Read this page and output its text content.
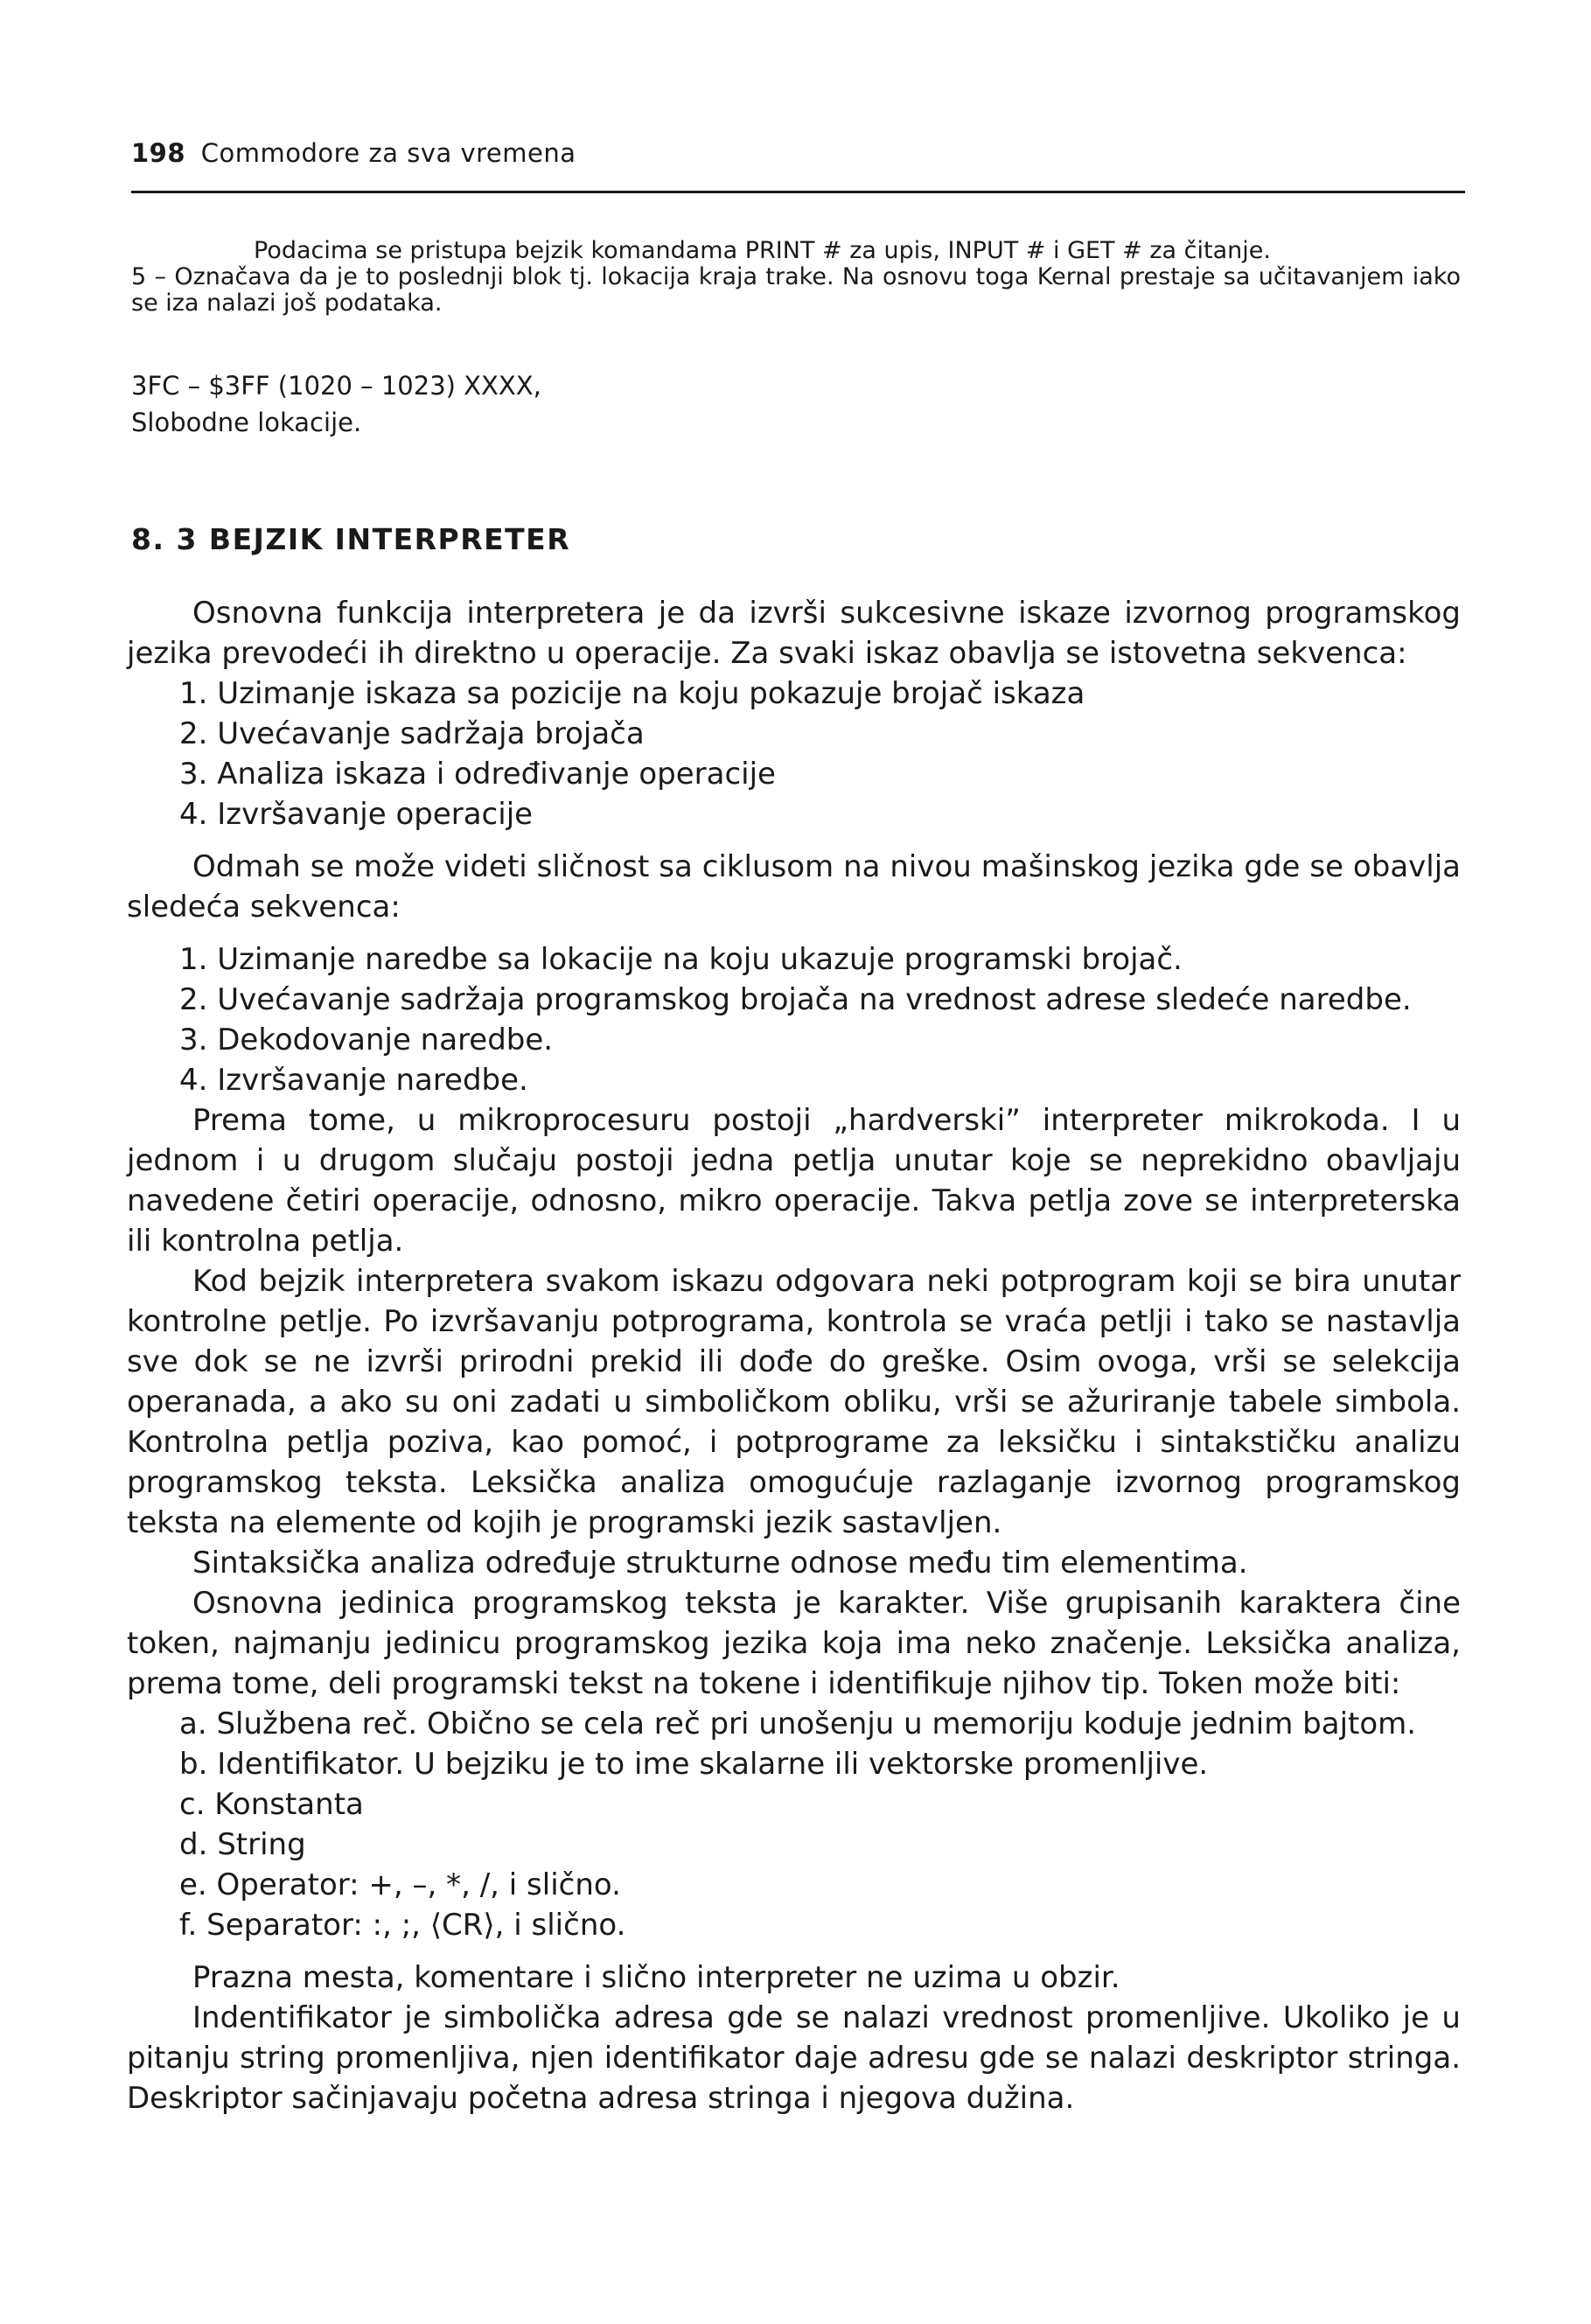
198 Commodore za sva vremena

Podacima se pristupa bejzik komandama PRINT # za upis, INPUT # i GET # za čitanje.

5 – Označava da je to poslednji blok tj. lokacija kraja trake. Na osnovu toga Kernal prestaje sa učitavanjem iako se iza nalazi još podataka.

3FC – $3FF (1020 – 1023) XXXX,

Slobodne lokacije.

8. 3 BEJZIK INTERPRETER

Osnovna funkcija interpretera je da izvrši sukcesivne iskaze izvornog programskog jezika prevodeći ih direktno u operacije. Za svaki iskaz obavlja se istovetna sekvenca:

1. Uzimanje iskaza sa pozicije na koju pokazuje brojač iskaza

2. Uvećavanje sadržaja brojača

3. Analiza iskaza i određivanje operacije

4. Izvršavanje operacije

Odmah se može videti sličnost sa ciklusom na nivou mašinskog jezika gde se obavlja sledeća sekvenca:

1. Uzimanje naredbe sa lokacije na koju ukazuje programski brojač.

2. Uvećavanje sadržaja programskog brojača na vrednost adrese sledeće naredbe.

3. Dekodovanje naredbe.

4. Izvršavanje naredbe.

Prema tome, u mikroprocesuru postoji „hardverski” interpreter mikrokoda. I u jednom i u drugom slučaju postoji jedna petlja unutar koje se neprekidno obavljaju navedene četiri operacije, odnosno, mikro operacije. Takva petlja zove se interpreterska ili kontrolna petlja.

Kod bejzik interpretera svakom iskazu odgovara neki potprogram koji se bira unutar kontrolne petlje. Po izvršavanju potprograma, kontrola se vraća petlji i tako se nastavlja sve dok se ne izvrši prirodni prekid ili dođe do greške. Osim ovoga, vrši se selekcija operanada, a ako su oni zadati u simboličkom obliku, vrši se ažuriranje tabele simbola. Kontrolna petlja poziva, kao pomoć, i potprograme za leksičku i sintakstičku analizu programskog teksta. Leksička analiza omogućuje razlaganje izvornog programskog teksta na elemente od kojih je programski jezik sastavljen.

Sintaksička analiza određuje strukturne odnose među tim elementima.

Osnovna jedinica programskog teksta je karakter. Više grupisanih karaktera čine token, najmanju jedinicu programskog jezika koja ima neko značenje. Leksička analiza, prema tome, deli programski tekst na tokene i identifikuje njihov tip. Token može biti:

a. Službena reč. Obično se cela reč pri unošenju u memoriju koduje jednim bajtom.

b. Identifikator. U bejziku je to ime skalarne ili vektorske promenljive.

c. Konstanta

d. String

e. Operator: +, –, *, /, i slično.

f. Separator: :, ;, ⟨CR⟩, i slično.

Prazna mesta, komentare i slično interpreter ne uzima u obzir.

Indentifikator je simbolička adresa gde se nalazi vrednost promenljive. Ukoliko je u pitanju string promenljiva, njen identifikator daje adresu gde se nalazi deskriptor stringa. Deskriptor sačinjavaju početna adresa stringa i njegova dužina.
